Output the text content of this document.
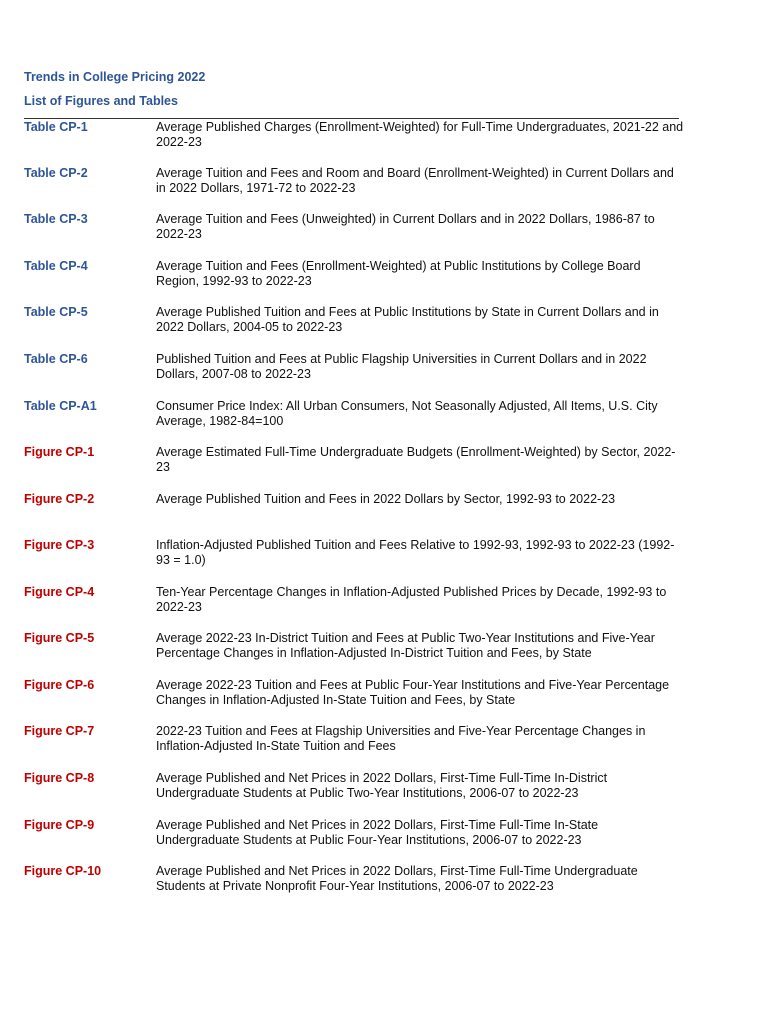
Trends in College Pricing 2022
List of Figures and Tables
Table CP-1	Average Published Charges (Enrollment-Weighted) for Full-Time Undergraduates, 2021-22 and 2022-23
Table CP-2	Average Tuition and Fees and Room and Board (Enrollment-Weighted) in Current Dollars and in 2022 Dollars, 1971-72 to 2022-23
Table CP-3	Average Tuition and Fees (Unweighted) in Current Dollars and in 2022 Dollars, 1986-87 to 2022-23
Table CP-4	Average Tuition and Fees (Enrollment-Weighted) at Public Institutions by College Board Region, 1992-93 to 2022-23
Table CP-5	Average Published Tuition and Fees at Public Institutions by State in Current Dollars and in 2022 Dollars, 2004-05 to 2022-23
Table CP-6	Published Tuition and Fees at Public Flagship Universities in Current Dollars and in 2022 Dollars, 2007-08 to 2022-23
Table CP-A1	Consumer Price Index: All Urban Consumers, Not Seasonally Adjusted, All Items, U.S. City Average, 1982-84=100
Figure CP-1	Average Estimated Full-Time Undergraduate Budgets (Enrollment-Weighted) by Sector, 2022-23
Figure CP-2	Average Published Tuition and Fees in 2022 Dollars by Sector, 1992-93 to 2022-23
Figure CP-3	Inflation-Adjusted Published Tuition and Fees Relative to 1992-93, 1992-93 to 2022-23 (1992-93 = 1.0)
Figure CP-4	Ten-Year Percentage Changes in Inflation-Adjusted Published Prices by Decade, 1992-93 to 2022-23
Figure CP-5	Average 2022-23 In-District Tuition and Fees at Public Two-Year Institutions and Five-Year Percentage Changes in Inflation-Adjusted In-District Tuition and Fees, by State
Figure CP-6	Average 2022-23 Tuition and Fees at Public Four-Year Institutions and Five-Year Percentage Changes in Inflation-Adjusted In-State Tuition and Fees, by State
Figure CP-7	2022-23 Tuition and Fees at Flagship Universities and Five-Year Percentage Changes in Inflation-Adjusted In-State Tuition and Fees
Figure CP-8	Average Published and Net Prices in 2022 Dollars, First-Time Full-Time In-District Undergraduate Students at Public Two-Year Institutions, 2006-07 to 2022-23
Figure CP-9	Average Published and Net Prices in 2022 Dollars, First-Time Full-Time In-State Undergraduate Students at Public Four-Year Institutions, 2006-07 to 2022-23
Figure CP-10	Average Published and Net Prices in 2022 Dollars, First-Time Full-Time Undergraduate Students at Private Nonprofit Four-Year Institutions, 2006-07 to 2022-23
